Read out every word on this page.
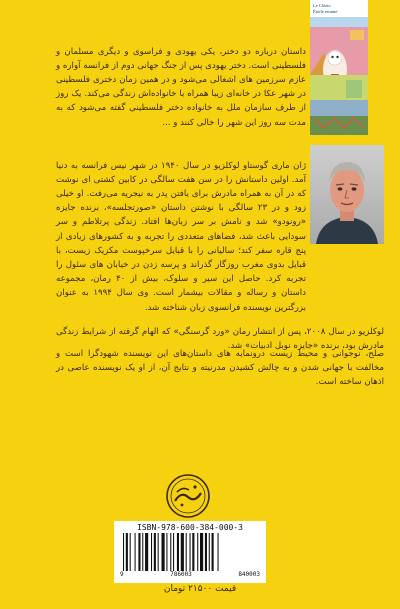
Le Clézio
Étoile errante

داستان درباره دو دختر، یکی یهودی و فراسوی و دیگری مسلمان و فلسطینی است. دختر یهودی پس از جنگ جهانی دوم از فرانسه آواره و عازم سرزمین های اشغالی می‌شود و در همین زمان دختری فلسطینی در شهر عکا در خانه‌ای زیبا همراه با خانواده‌اش زندگی می‌کند. یک روز از طرف سازمان ملل به خانواده دختر فلسطینی گفته می‌شود که به مدت سه روز این شهر را خالی کنند و ...

ژان ماری گوستاو لوکلزیو در سال ۱۹۴۰ در شهر نیس فرانسه به دنیا آمد. اولین داستانش را در سن هفت سالگی در کابین کشتی ای نوشت که در آن به همراه مادرش برای یافتن پدر به نیجریه می‌رفت. او خیلی زود و در ۲۳ سالگی با نوشتن داستان «صورتجلسه»، برنده جایزه «رونودو» شد و نامش بر سر زبان‌ها افتاد. زندگی پرتلاطم و سر سودایی باعث شد، فضاهای متعددی را تجربه و به کشورهای زیادی از پنج قاره سفر کند؛ سالیانی را با قبایل سرخپوست مکزیک زیست، با قبایل بدوی مغرب روزگار گذراند و پرسه زدن در خیابان های سئول را تجربه کرد. حاصل این سیر و سلوک، بیش از ۴۰ رمان، مجموعه داستان و رساله و مقالات بیشمار است. وی سال ۱۹۹۴ به عنوان بزرگترین نویسنده فرانسوی زبان شناخته شد.

لوکلزیو در سال ۲۰۰۸، پس از انتشار رمان «ورد گرسنگی» که الهام گرفته از شرایط زندگی مادرش بود، برنده «جایزه نوبل ادبیات» شد.

صلح، نوجوانی و محیط زیست درونمایه های داستان‌های این نویسنده شهودگرا است و مخالفت با جهانی شدن و به چالش کشیدن مدرنیته و نتایج آن، از او یک نویسنده عاصی در اذهان ساخته است.

ISBN-978-600-384-000-3
9	786003	840003
قیمت ۲۱۵۰۰ تومان
